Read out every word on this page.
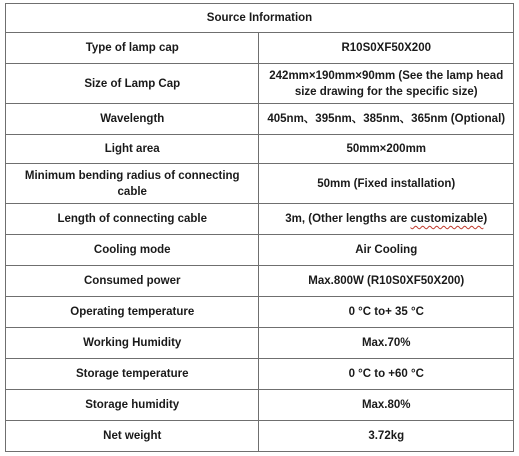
Source Information	
Type of lamp cap	R10S0XF50X200
Size of Lamp Cap	242mm×190mm×90mm (See the lamp head size drawing for the specific size)
Wavelength	405nm、395nm、385nm、365nm (Optional)
Light area	50mm×200mm
Minimum bending radius of connecting cable	50mm (Fixed installation)
Length of connecting cable	3m, (Other lengths are customizable)
Cooling mode	Air Cooling
Consumed power	Max.800W (R10S0XF50X200)
Operating temperature	0 °C to+ 35 °C
Working Humidity	Max.70%
Storage temperature	0 °C to +60 °C
Storage humidity	Max.80%
Net weight	3.72kg
